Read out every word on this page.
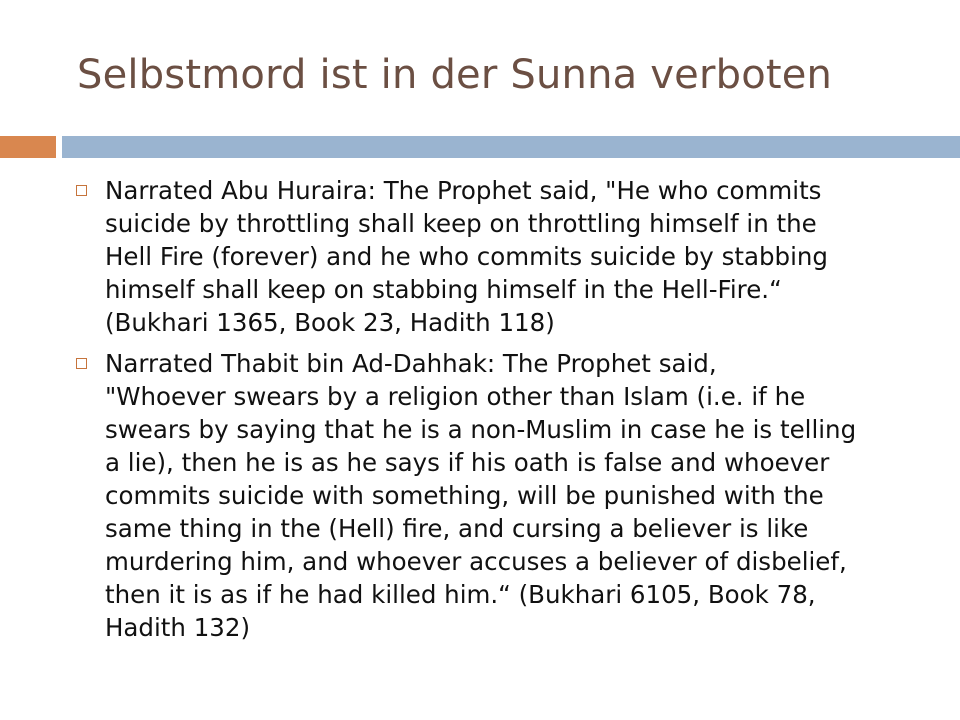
Selbstmord ist in der Sunna verboten
Narrated Abu Huraira: The Prophet said, "He who commits
suicide by throttling shall keep on throttling himself in the
Hell Fire (forever) and he who commits suicide by stabbing
himself shall keep on stabbing himself in the Hell-Fire.“
(Bukhari 1365, Book 23, Hadith 118)
Narrated Thabit bin Ad-Dahhak: The Prophet said,
"Whoever swears by a religion other than Islam (i.e. if he
swears by saying that he is a non-Muslim in case he is telling
a lie), then he is as he says if his oath is false and whoever
commits suicide with something, will be punished with the
same thing in the (Hell) fire, and cursing a believer is like
murdering him, and whoever accuses a believer of disbelief,
then it is as if he had killed him.“ (Bukhari 6105, Book 78,
Hadith 132)
